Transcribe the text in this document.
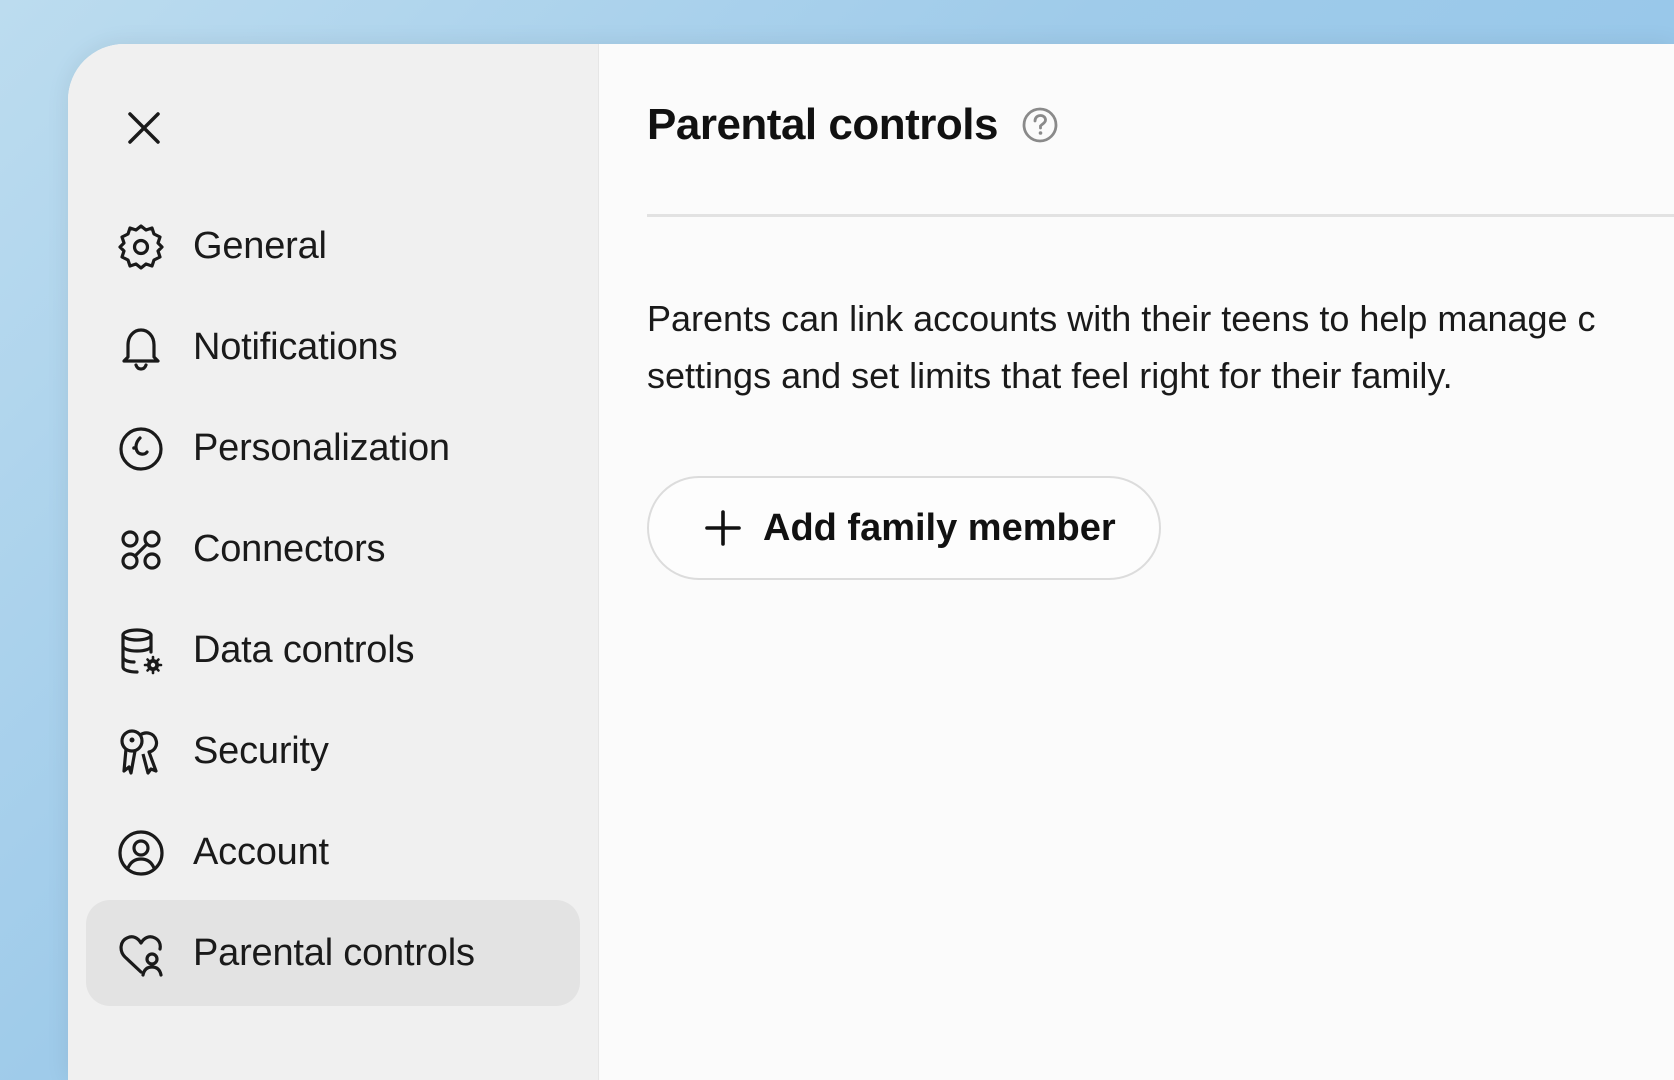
General
Notifications
Personalization
Connectors
Data controls
Security
Account
Parental controls
Parental controls
Parents can link accounts with their teens to help manage c
settings and set limits that feel right for their family.
Add family member
